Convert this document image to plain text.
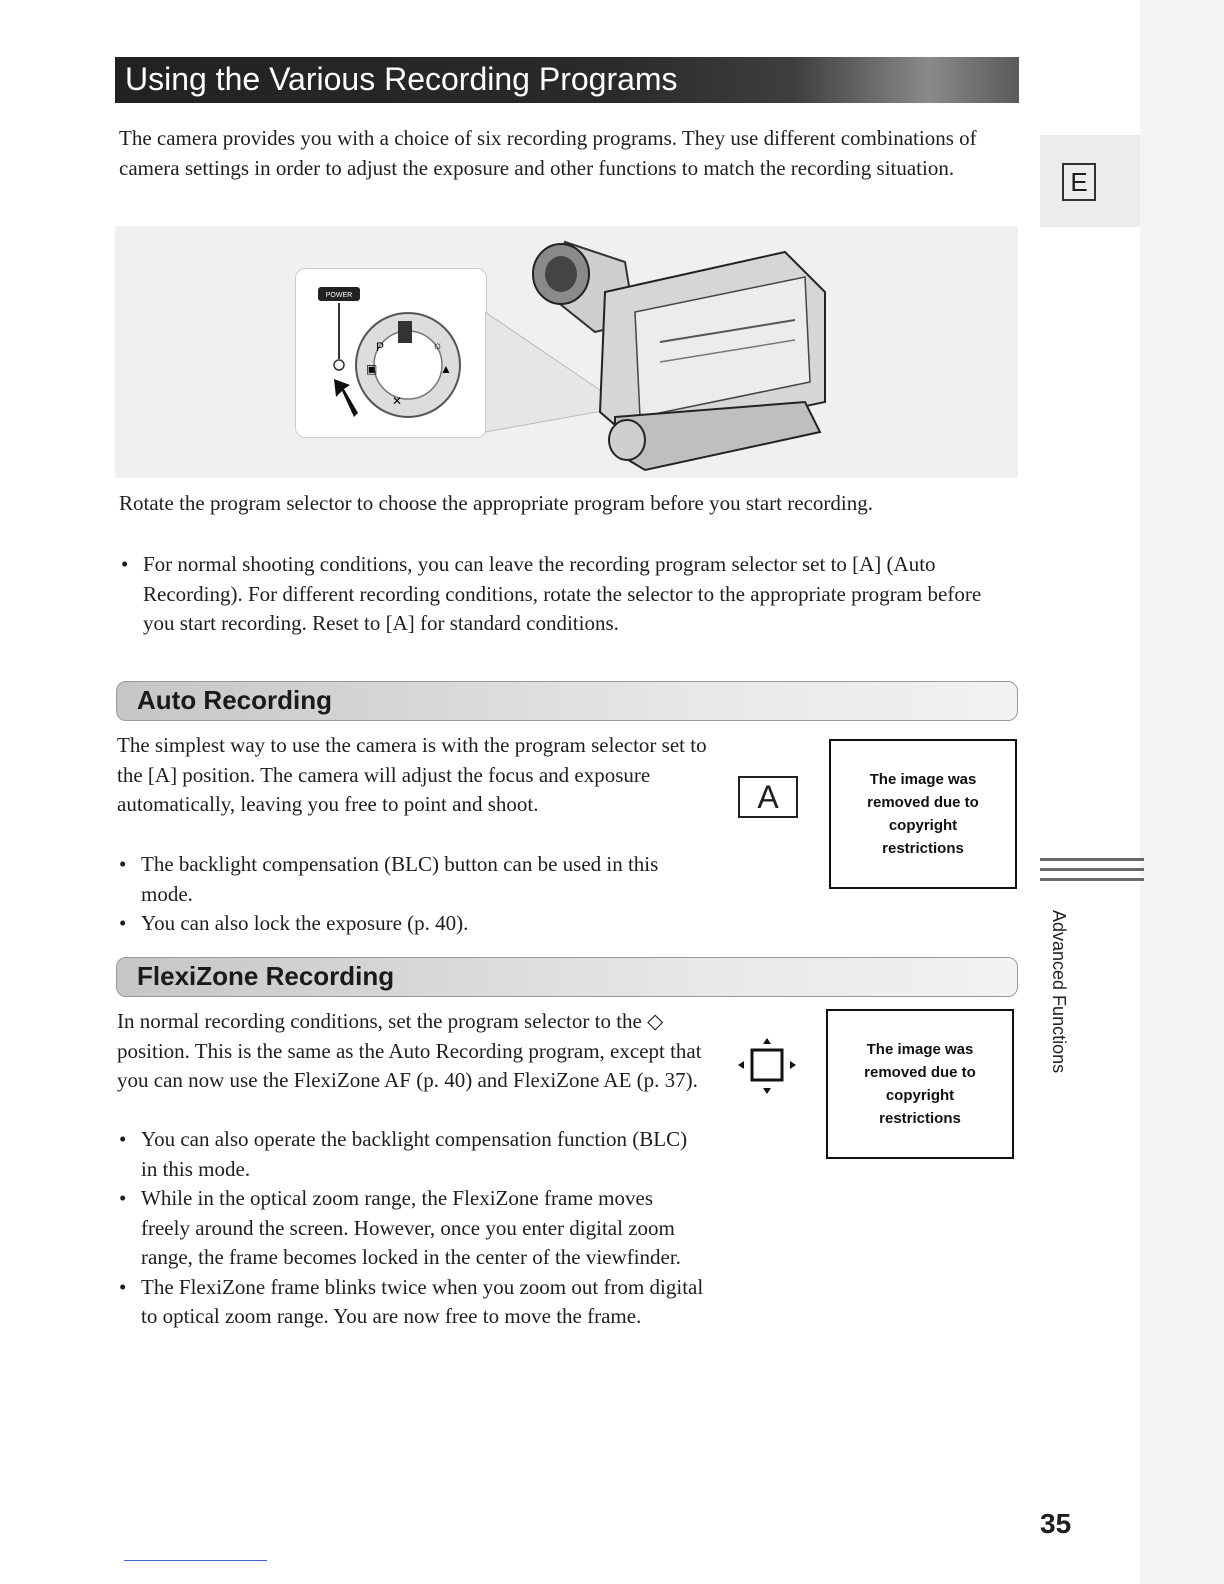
Using the Various Recording Programs

The camera provides you with a choice of six recording programs. They use different combinations of camera settings in order to adjust the exposure and other functions to match the recording situation.	E
POWER
P
▣
☼
▲
✕

Rotate the program selector to choose the appropriate program before you start recording.

• For normal shooting conditions, you can leave the recording program selector set to [A] (Auto Recording). For different recording conditions, rotate the selector to the appropriate program before you start recording. Reset to [A] for standard conditions.
Auto Recording

The simplest way to use the camera is with the program selector set to the [A] position. The camera will adjust the focus and exposure automatically, leaving you free to point and shoot.

• The backlight compensation (BLC) button can be used in this mode.
• You can also lock the exposure (p. 40).
A	The image was removed due to copyright restrictions
FlexiZone Recording

In normal recording conditions, set the program selector to the ◇ position. This is the same as the Auto Recording program, except that you can now use the FlexiZone AF (p. 40) and FlexiZone AE (p. 37).

• You can also operate the backlight compensation function (BLC) in this mode.
• While in the optical zoom range, the FlexiZone frame moves freely around the screen. However, once you enter digital zoom range, the frame becomes locked in the center of the viewfinder.
• The FlexiZone frame blinks twice when you zoom out from digital to optical zoom range. You are now free to move the frame.
The image was removed due to copyright restrictions
Advanced Functions
35
